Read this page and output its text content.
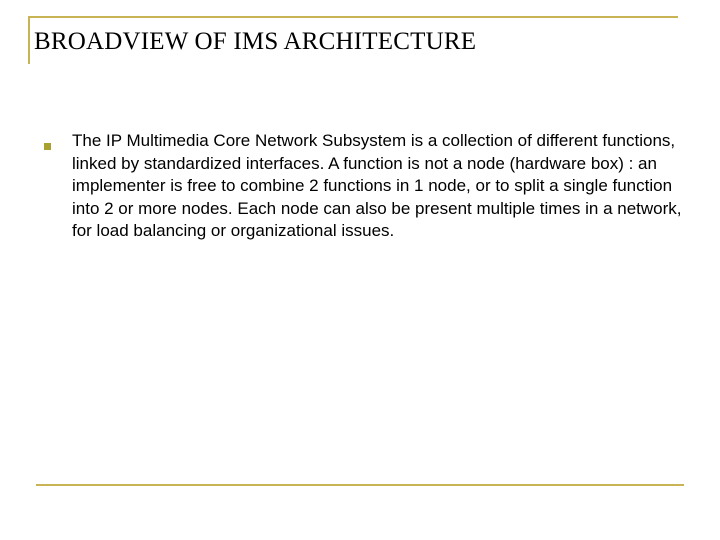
BROADVIEW OF IMS ARCHITECTURE

The IP Multimedia Core Network Subsystem is a collection of different functions, linked by standardized interfaces. A function is not a node (hardware box) : an implementer is free to combine 2 functions in 1 node, or to split a single function into 2 or more nodes. Each node can also be present multiple times in a network, for load balancing or organizational issues.
